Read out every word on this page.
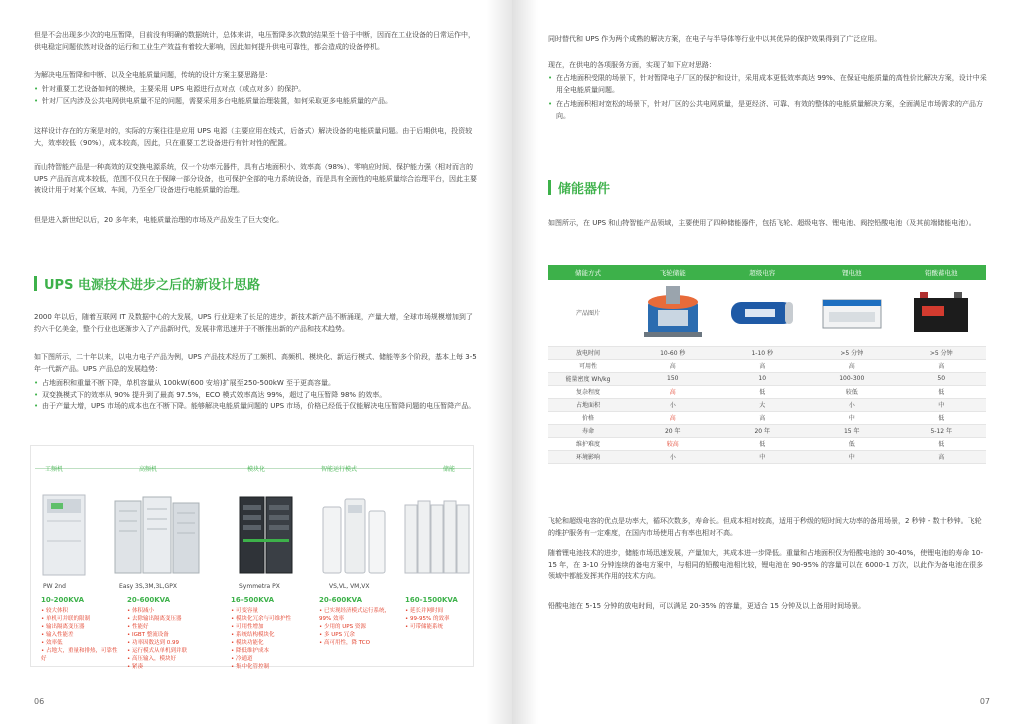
但是不会出现多少次的电压暂降，目前没有明确的数据统计，总体来讲，电压暂降多次数的结果至十倍于中断，因而在工业设备的日常运作中，供电稳定问题依然对设备的运行和工业生产效益有着较大影响，因此如何提升供电可靠性，都会造成的设备停机。

为解决电压暂降和中断、以及全电能质量问题，传统的设计方案主要思路是：

• 针对重要工艺设备如何的模块，主要采用 UPS 电源进行点对点（或点对多）的保护。
• 针对厂区内涉及公共电网供电质量不足的问题，需要采用多台电能质量治理装置，如何采取更多电能质量的产品。

这样设计存在的方案是对的，实际的方案往往是应用 UPS 电源（主要应用在线式，后备式）解决设备的电能质量问题。由于后期供电，投资较大，效率较低（90%），成本较高，因此，只在重要工艺设备进行有针对性的配置。

而山特智能产品是一种高效的双变换电源系统，仅一个功率元器件，具有占地面积小、效率高（98%）、零响应时间、保护能力强（相对而言的UPS 产品而言成本较低，范围不仅只在于保障一部分设备，也可保护全部的电力系统设备，而是具有全面性的电能质量综合治理平台，因此主要被设计用于对某个区域、车间，乃至全厂设备进行电能质量的治理。

但是进入新世纪以后，20 多年来，电能质量治理的市场及产品发生了巨大变化。

UPS 电源技术进步之后的新设计思路

2000 年以后，随着互联网 IT 及数据中心的大发展，UPS 行业迎来了长足的进步，新技术新产品不断涌现，产量大增，全球市场规模增加到了约六千亿美金，整个行业也逐渐步入了产品新时代，发展非常迅速并于不断推出新的产品和技术趋势。

如下图所示，二十年以来，以电力电子产品为例，UPS 产品技术经历了工频机、高频机、模块化、新运行模式、储能等多个阶段，基本上每 3-5 年一代新产品。UPS 产品总的发展趋势：

• 占地面积和重量不断下降，单机容量从 100kW(600 安培)扩展至250-500kW 至于更高容量。
• 双变换模式下的效率从 90% 提升到了最高 97.5%，ECO 模式效率高达 99%，超过了电压暂降 98% 的效率。
• 由于产量大增，UPS 市场的成本也在不断下降。能够解决电能质量问题的 UPS 市场，价格已经低于仅能解决电压暂降问题的电压暂降产品。
工频机	高频机	模块化	智能运行模式	储能
PW 2nd	Easy 3S,3M,3L,GPX	Symmetra PX	VS,VL, VM,VX
10-200KVA
• 较大体积
• 单机可并联的限制
• 输出隔离变压器
• 输入性能差
• 效率低
• 占地大，重量和排热，可靠性好
20-600KVA
• 体积减小
• 去除输出隔离变压器
• 性能好
• IGBT 整流设备
• 功率因数达到 0.99
• 运行模式从单机到并联
• 高压输入，模块好
• 紧凑
16-500KVA
• 可变容量
• 模块化冗余与可维护性
• 可用性增加
• 系统结构模块化
• 模块功能化
• 降低维护成本
• 冷通道
• 集中化管控制
20-600KVA
• 已实现经济模式运行系统，99% 效率
• 少用的 UPS 资源
• 多 UPS 冗余
• 高可用性，降 TCO
160-1500KVA
• 延长并网时间
• 99-95% 的效率
• 可带储能系统
06

同时替代和 UPS 作为两个成熟的解决方案，在电子与半导体等行业中以其优异的保护效果得到了广泛应用。

现在，在供电的各项服务方面，实现了如下应对思路：

• 在占地面积受限的场景下，针对暂降电子厂区的保护和设计，采用成本更低效率高达 99%、在保证电能质量的高性价比解决方案，设计中采用全电能质量问题。
• 在占地面积相对宽松的场景下，针对厂区的公共电网质量，是更经济、可靠、有效的整体的电能质量解决方案，全面满足市场需求的产品方向。
储能器件

如图所示，在 UPS 和山特智能产品领域，主要使用了四种储能器件，包括飞轮、超级电容、锂电池、阀控铅酸电池（及其前端储能电池）。

07
储能方式	飞轮储能	超级电容	锂电池	铅酸蓄电池
产品图片				
放电时间	10-60 秒	1-10 秒	>5 分钟	>5 分钟
可用性	高	高	高	高
能量密度 Wh/kg	150	10	100-300	50
复杂程度	高	低	较低	低
占地面积	小	大	小	中
价格	高	高	中	低
寿命	20 年	20 年	15 年	5-12 年
维护难度	较高	低	低	低
环境影响	小	中	中	高

飞轮和超级电容的优点是功率大，循环次数多，寿命长。但成本相对较高，适用于秒级的短时间大功率的备用场景，2 秒钟 - 数十秒钟。飞轮的维护服务有一定难度，在国内市场使用占有率也相对不高。

随着锂电池技术的进步，储能市场迅速发展，产量加大，其成本进一步降低。重量和占地面积仅为铅酸电池的 30-40%，使锂电池的寿命 10-15 年，在 3-10 分钟连续的备电方案中，与相同的铅酸电池相比较，锂电池在 90-95% 的容量可以在 6000-1 万次，以此作为备电池在很多领域中都能发挥其作用的技术方向。

铅酸电池在 5-15 分钟的放电时间，可以满足 20-35% 的容量，更适合 15 分钟及以上备用时间场景。
